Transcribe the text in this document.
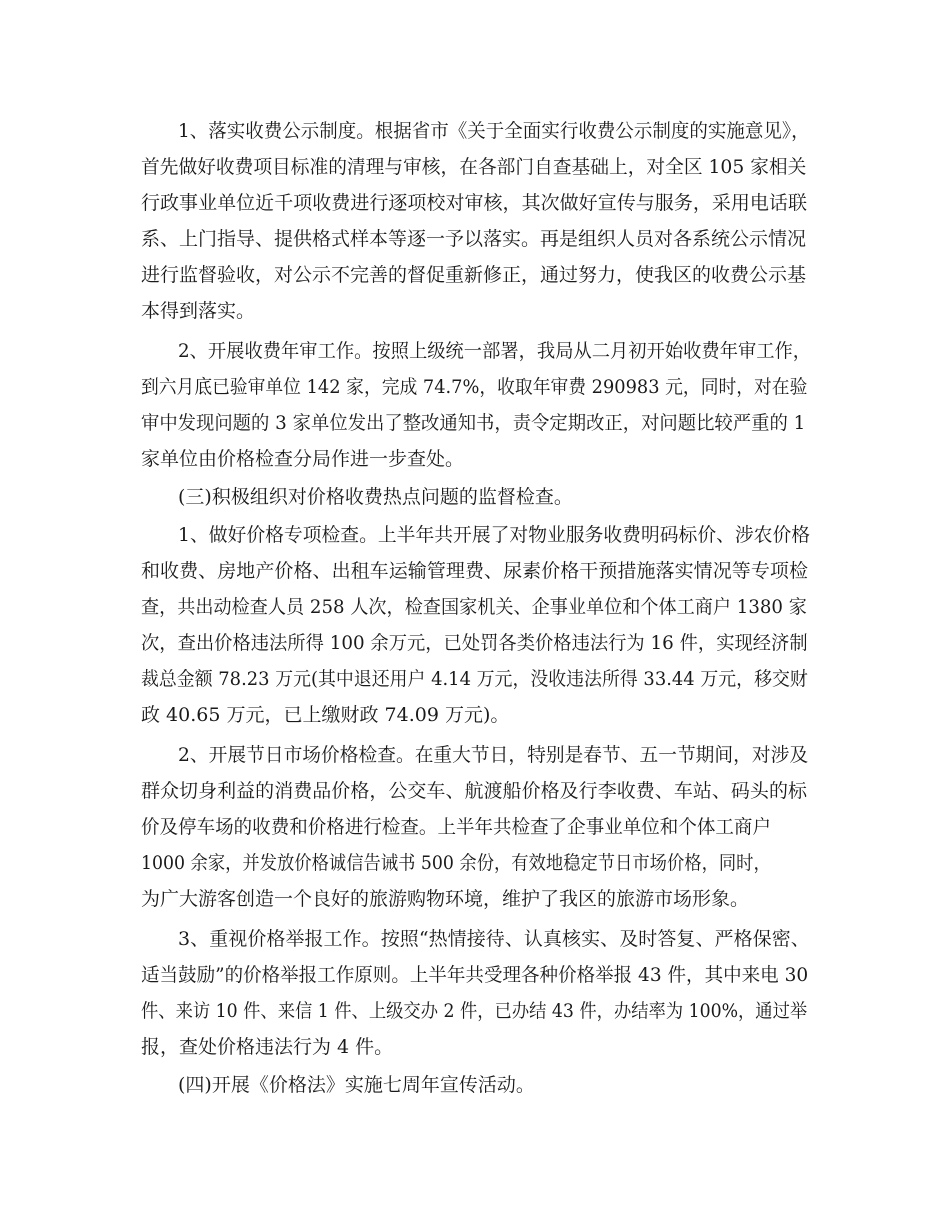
1、落实收费公示制度。根据省市《关于全面实行收费公示制度的实施意见》，
首先做好收费项目标准的清理与审核，在各部门自查基础上，对全区 105 家相关
行政事业单位近千项收费进行逐项校对审核，其次做好宣传与服务，采用电话联
系、上门指导、提供格式样本等逐一予以落实。再是组织人员对各系统公示情况
进行监督验收，对公示不完善的督促重新修正，通过努力，使我区的收费公示基
本得到落实。
2、开展收费年审工作。按照上级统一部署，我局从二月初开始收费年审工作，
到六月底已验审单位 142 家，完成 74.7%，收取年审费 290983 元，同时，对在验
审中发现问题的 3 家单位发出了整改通知书，责令定期改正，对问题比较严重的 1
家单位由价格检查分局作进一步查处。
(三)积极组织对价格收费热点问题的监督检查。
1、做好价格专项检查。上半年共开展了对物业服务收费明码标价、涉农价格
和收费、房地产价格、出租车运输管理费、尿素价格干预措施落实情况等专项检
查，共出动检查人员 258 人次，检查国家机关、企事业单位和个体工商户 1380 家
次，查出价格违法所得 100 余万元，已处罚各类价格违法行为 16 件，实现经济制
裁总金额 78.23 万元(其中退还用户 4.14 万元，没收违法所得 33.44 万元，移交财
政 40.65 万元，已上缴财政 74.09 万元)。
2、开展节日市场价格检查。在重大节日，特别是春节、五一节期间，对涉及
群众切身利益的消费品价格，公交车、航渡船价格及行李收费、车站、码头的标
价及停车场的收费和价格进行检查。上半年共检查了企事业单位和个体工商户
1000 余家，并发放价格诚信告诫书 500 余份，有效地稳定节日市场价格，同时，
为广大游客创造一个良好的旅游购物环境，维护了我区的旅游市场形象。
3、重视价格举报工作。按照“热情接待、认真核实、及时答复、严格保密、
适当鼓励”的价格举报工作原则。上半年共受理各种价格举报 43 件，其中来电 30
件、来访 10 件、来信 1 件、上级交办 2 件，已办结 43 件，办结率为 100%，通过举
报，查处价格违法行为 4 件。
(四)开展《价格法》实施七周年宣传活动。
